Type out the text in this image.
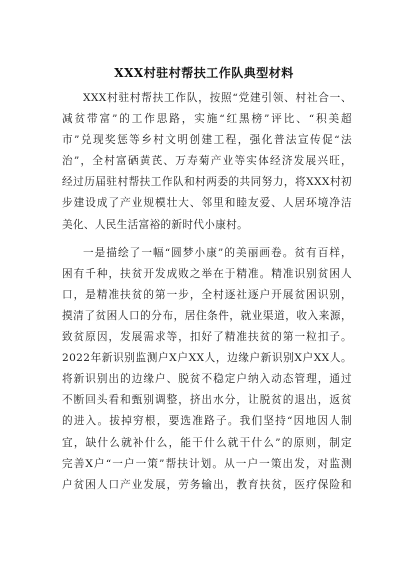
XXX村驻村帮扶工作队典型材料
XXX村驻村帮扶工作队，按照“党建引领、村社合一、
减贫带富”的工作思路，实施“红黑榜”评比、“积美超
市”兑现奖惩等乡村文明创建工程，强化普法宣传促“法
治”，全村富硒黄芪、万寿菊产业等实体经济发展兴旺，
经过历届驻村帮扶工作队和村两委的共同努力，将XXX村初
步建设成了产业规模壮大、邻里和睦友爱、人居环境净洁
美化、人民生活富裕的新时代小康村。
一是描绘了一幅“圆梦小康”的美丽画卷。贫有百样，
困有千种，扶贫开发成败之举在于精准。精准识别贫困人
口，是精准扶贫的第一步，全村逐社逐户开展贫困识别，
摸清了贫困人口的分布，居住条件，就业渠道，收入来源，
致贫原因，发展需求等，扣好了精准扶贫的第一粒扣子。
2022年新识别监测户X户XX人，边缘户新识别X户XX人。
将新识别出的边缘户、脱贫不稳定户纳入动态管理，通过
不断回头看和甄别调整，挤出水分，让脱贫的退出，返贫
的进入。拔掉穷根，要选准路子。我们坚持“因地因人制
宜，缺什么就补什么，能干什么就干什么”的原则，制定
完善X户“一户一策”帮扶计划。从一户一策出发，对监测
户贫困人口产业发展，劳务输出，教育扶贫，医疗保险和
